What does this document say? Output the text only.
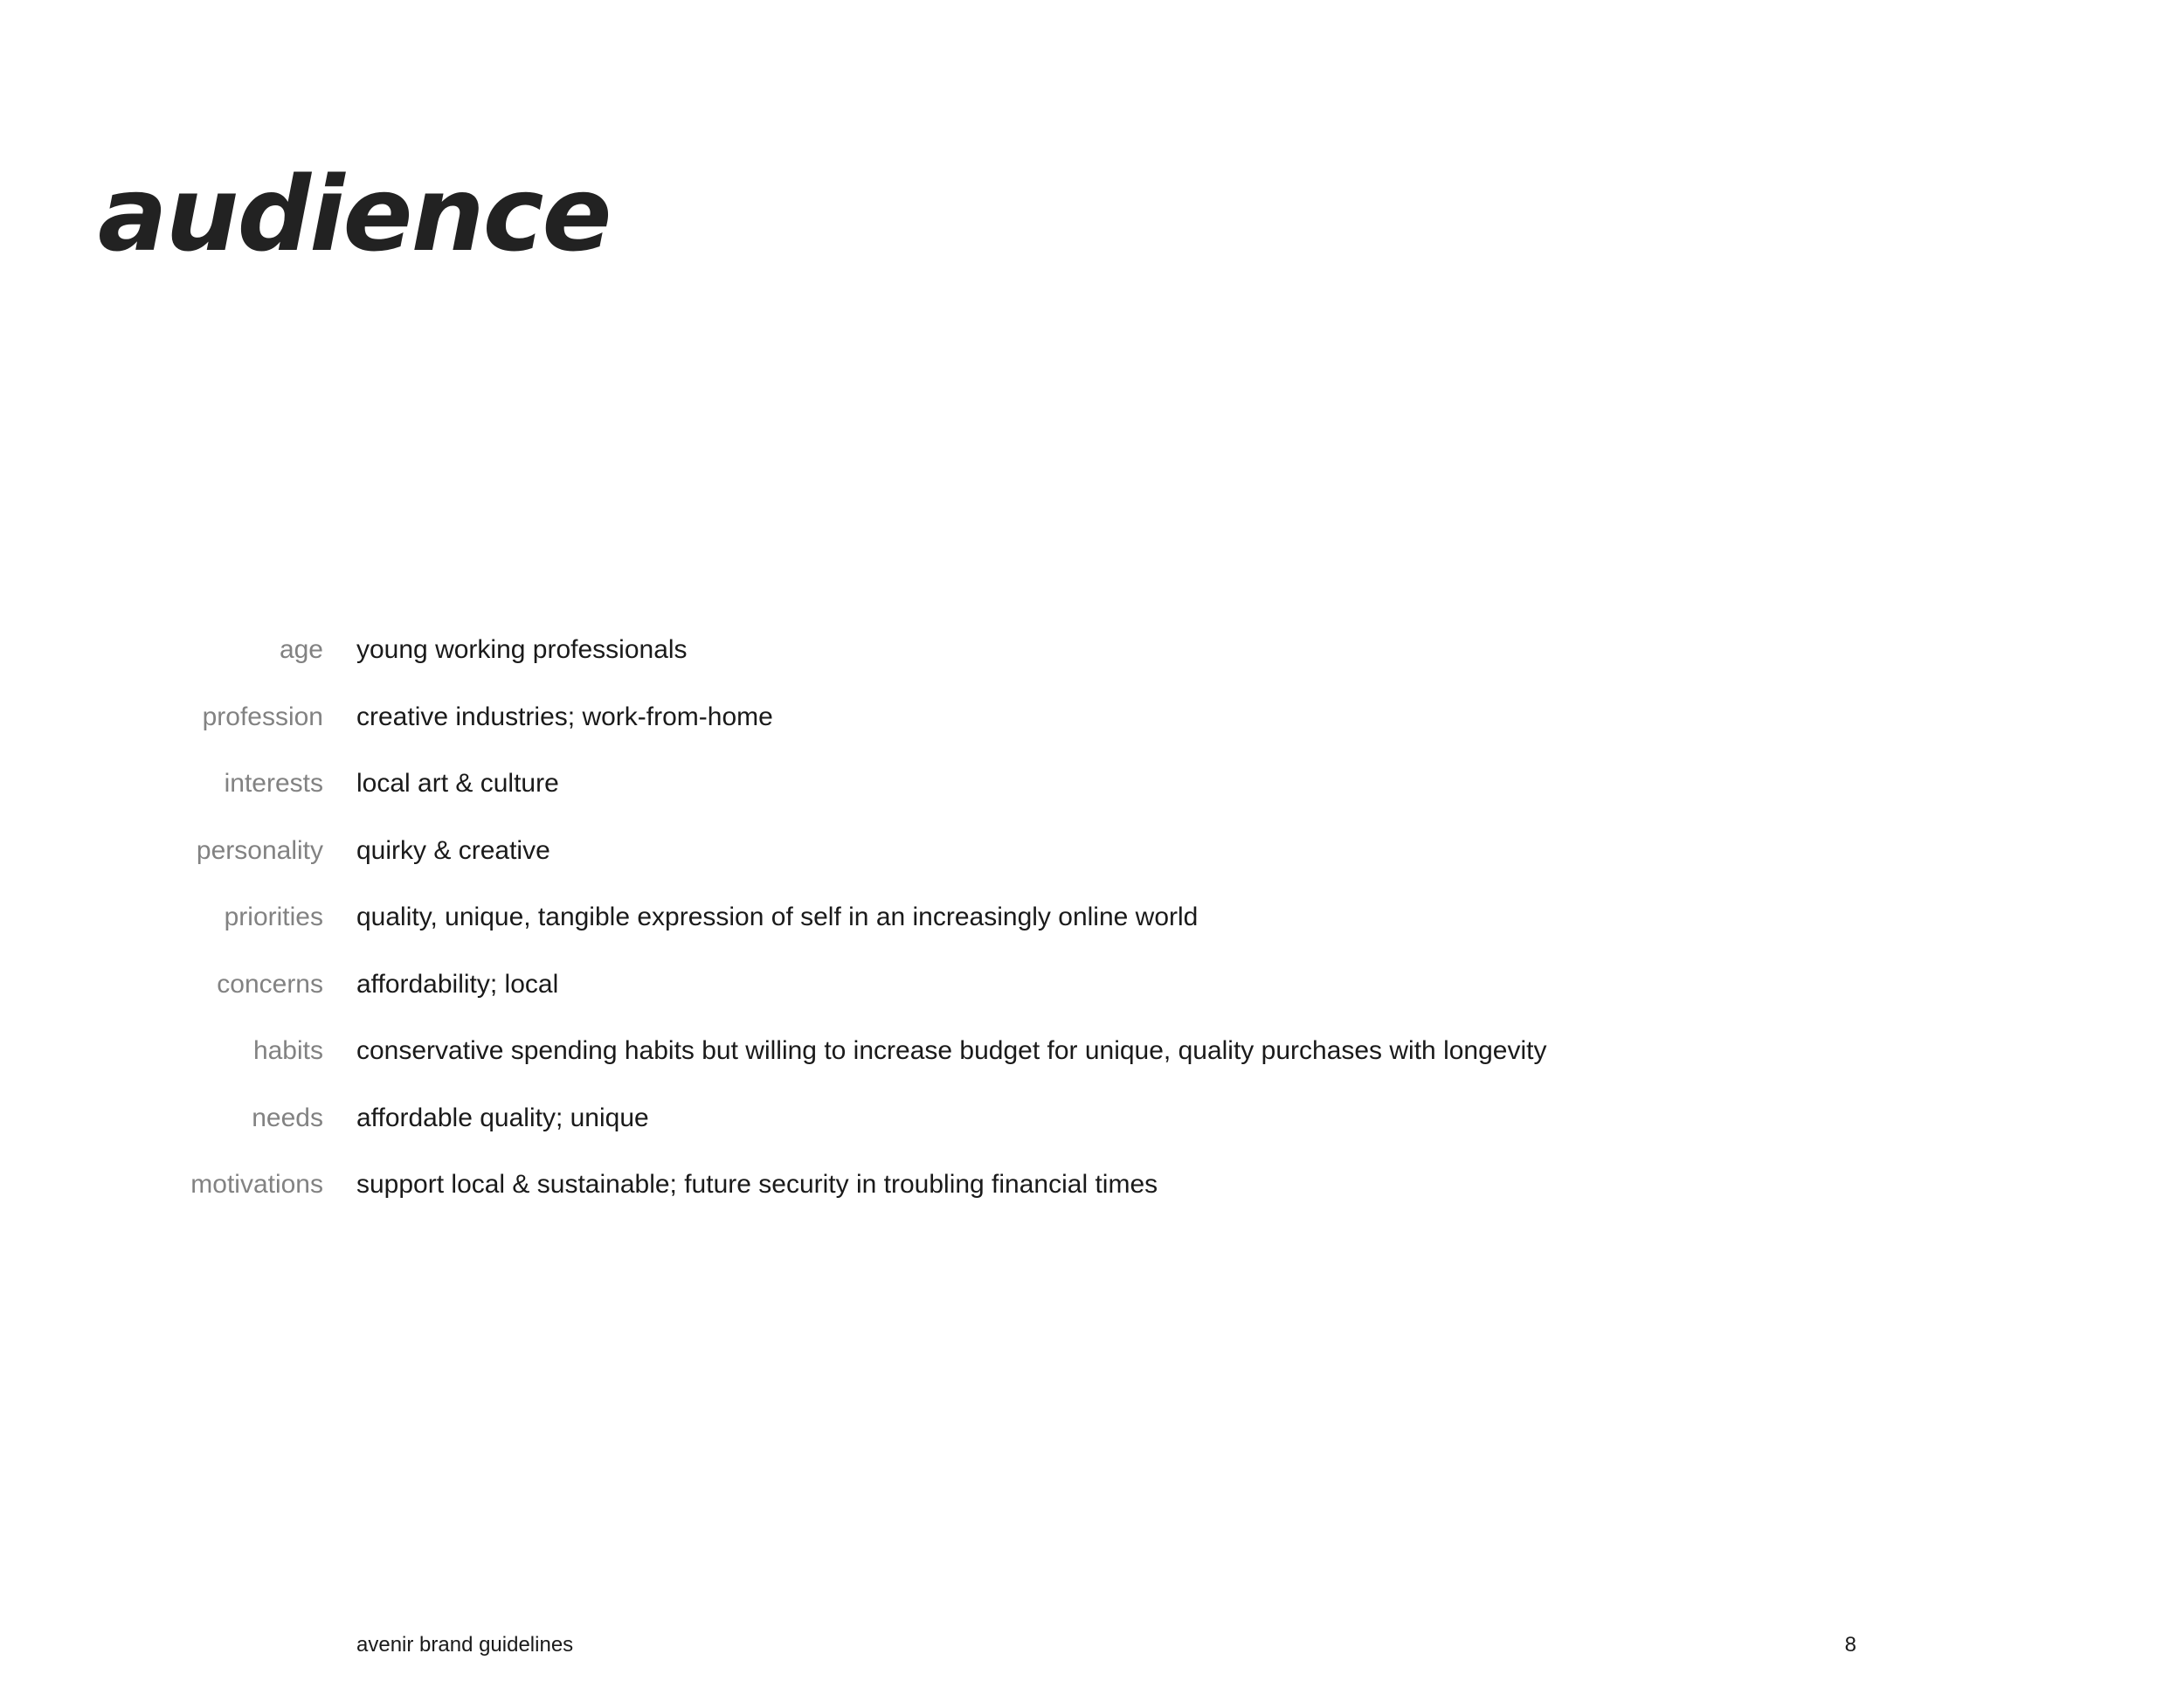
audience
age young working professionals
profession creative industries; work-from-home
interests local art & culture
personality quirky & creative
priorities quality, unique, tangible expression of self in an increasingly online world
concerns affordability; local
habits conservative spending habits but willing to increase budget for unique, quality purchases with longevity
needs affordable quality; unique
motivations support local & sustainable; future security in troubling financial times
avenir brand guidelines	8
